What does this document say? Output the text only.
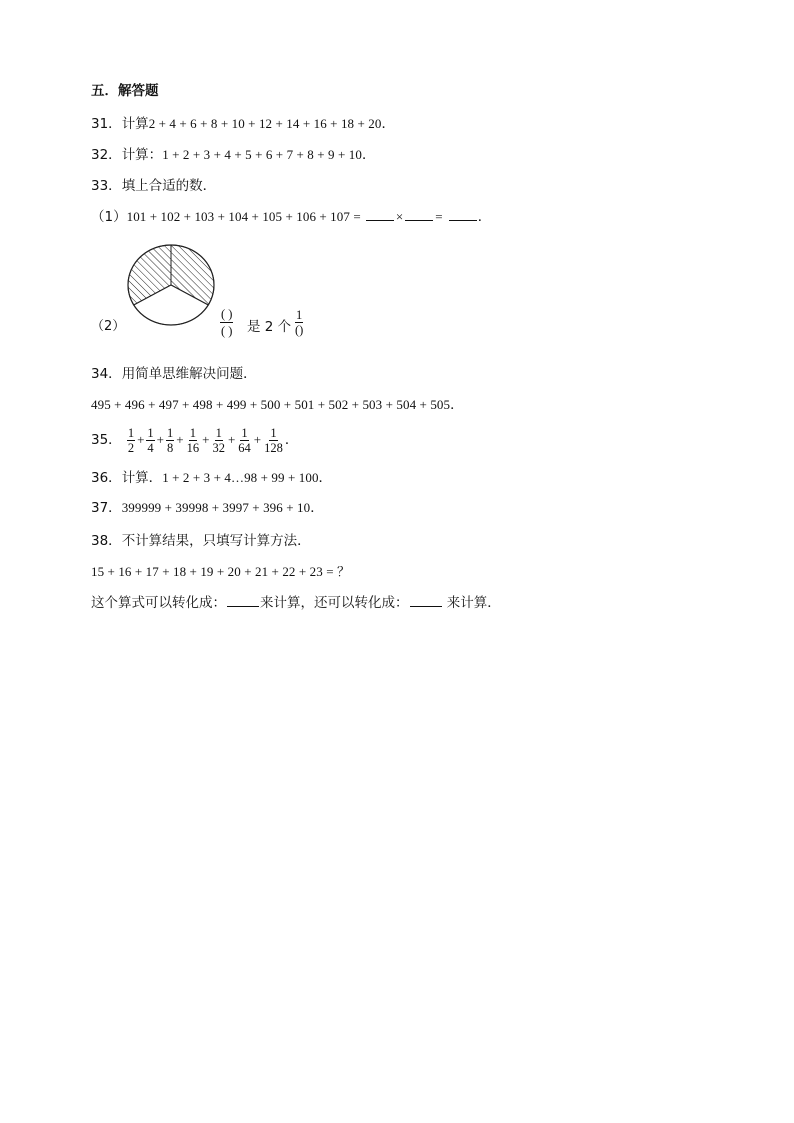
五．解答题
31．计算2 + 4 + 6 + 8 + 10 + 12 + 14 + 16 + 18 + 20．
32．计算：1 + 2 + 3 + 4 + 5 + 6 + 7 + 8 + 9 + 10．
33．填上合适的数．
（1）101 + 102 + 103 + 104 + 105 + 106 + 107 =	× =	．
（2）	$\frac{( )}{( )}$ 是 2 个 $\frac{1}{()}$
34．用简单思维解决问题．
495 + 496 + 497 + 498 + 499 + 500 + 501 + 502 + 503 + 504 + 505．
35． $\frac{1}{2} + \frac{1}{4} + \frac{1}{8} + \frac{1}{16} + \frac{1}{32} + \frac{1}{64} + \frac{1}{128}$ ．
36．计算．1 + 2 + 3 + 4…98 + 99 + 100．
37．399999 + 39998 + 3997 + 396 + 10．
38．不计算结果，只填写计算方法．
15 + 16 + 17 + 18 + 19 + 20 + 21 + 22 + 23 = ？
这个算式可以转化成：	来计算，还可以转化成：	来计算．
